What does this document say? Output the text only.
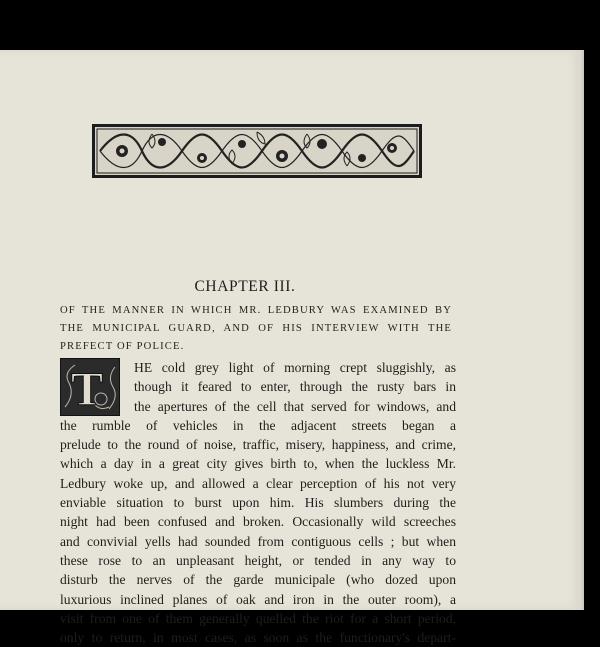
CHAPTER III.
OF THE MANNER IN WHICH MR. LEDBURY WAS EXAMINED BY
THE MUNICIPAL GUARD, AND OF HIS INTERVIEW WITH THE
PREFECT OF POLICE.
T	HE cold grey light of morning crept sluggishly, as
though it feared to enter, through the rusty bars in
the apertures of the cell that served for windows, and
the rumble of vehicles in the adjacent streets began a
prelude to the round of noise, traffic, misery, happiness, and crime,
which a day in a great city gives birth to, when the luckless Mr.
Ledbury woke up, and allowed a clear perception of his not very
enviable situation to burst upon him. His slumbers during the
night had been confused and broken. Occasionally wild screeches
and convivial yells had sounded from contiguous cells ; but when
these rose to an unpleasant height, or tended in any way to
disturb the nerves of the garde municipale (who dozed upon
luxurious inclined planes of oak and iron in the outer room), a
visit from one of them generally quelled the riot for a short period,
only to return, in most cases, as soon as the functionary's depart-
